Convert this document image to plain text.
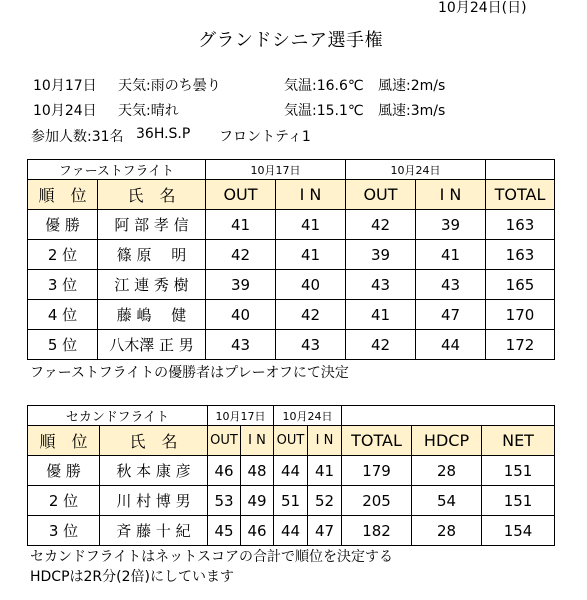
10月24日(日)
グランドシニア選手権
10月17日 天気:雨のち曇り	気温:16.6℃ 風速:2m/s
10月24日 天気:晴れ	気温:15.1℃ 風速:3m/s
参加人数:31名 36H.S.P フロントティ1
ファーストフライト		10月17日		10月24日		
順　位	氏　名	OUT	I N	OUT	I N	TOTAL
優 勝	阿 部 孝 信	41	41	42	39	163
2 位	篠 原　 明	42	41	39	41	163
3 位	江 連 秀 樹	39	40	43	43	165
4 位	藤 嶋　 健	40	42	41	47	170
5 位	八木澤 正 男	43	43	42	44	172
ファーストフライトの優勝者はプレーオフにて決定
セカンドフライト		10月17日		10月24日				
順　位	氏　名	OUT	I N	OUT	I N	TOTAL	HDCP	NET
優 勝	秋 本 康 彦	46	48	44	41	179	28	151
2 位	川 村 博 男	53	49	51	52	205	54	151
3 位	斉 藤 十 紀	45	46	44	47	182	28	154
セカンドフライトはネットスコアの合計で順位を決定する
HDCPは2R分(2倍)にしています
